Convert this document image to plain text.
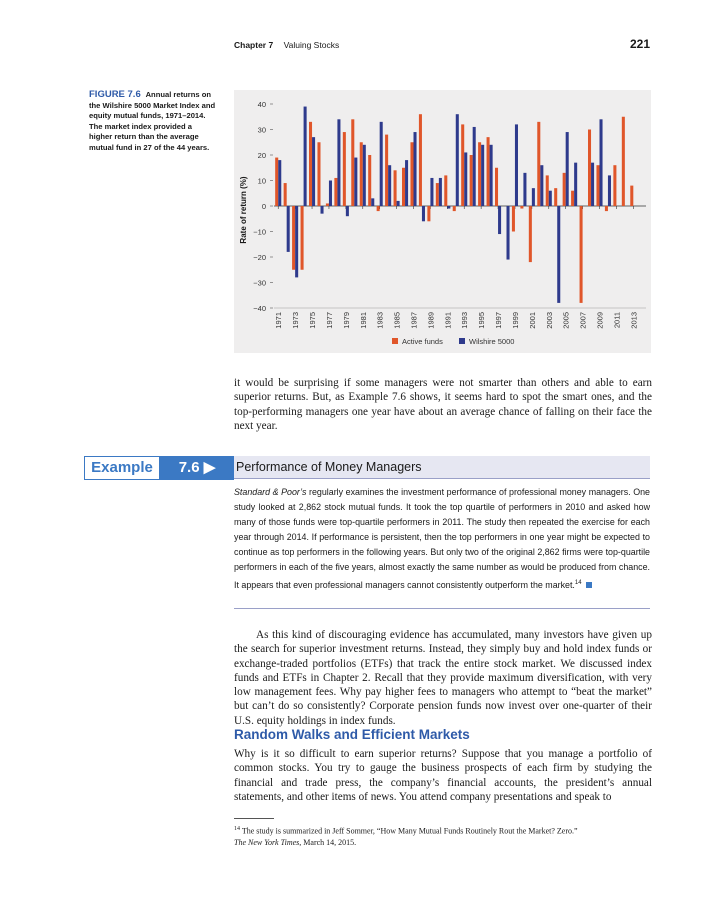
Chapter 7 Valuing Stocks	221
FIGURE 7.6 Annual returns on the Wilshire 5000 Market Index and equity mutual funds, 1971–2014. The market index provided a higher return than the average mutual fund in 27 of the 44 years.
40
30
20
10
0
−10
−20
−30
−40
1971 1973 1975 1977 1979 1981 1983 1985 1987 1989 1991 1993 1995 1997 1999 2001 2003 2005 2007 2009 2011 2013
Rate of return (%)
Active funds	Wilshire 5000

it would be surprising if some managers were not smarter than others and able to earn superior returns. But, as Example 7.6 shows, it seems hard to spot the smart ones, and the top-performing managers one year have about an average chance of falling on their face the next year.

Example	7.6 ▶	Performance of Money Managers

Standard & Poor’s regularly examines the investment performance of professional money managers. One study looked at 2,862 stock mutual funds. It took the top quartile of performers in 2010 and asked how many of those funds were top-quartile performers in 2011. The study then repeated the exercise for each year through 2014. If performance is persistent, then the top performers in one year might be expected to continue as top performers in the following years. But only two of the original 2,862 firms were top-quartile performers in each of the five years, almost exactly the same number as would be produced from chance. It appears that even professional managers cannot consistently outperform the market.$^{14}$

As this kind of discouraging evidence has accumulated, many investors have given up the search for superior investment returns. Instead, they simply buy and hold index funds or exchange-traded portfolios (ETFs) that track the entire stock market. We discussed index funds and ETFs in Chapter 2. Recall that they provide maximum diversification, with very low management fees. Why pay higher fees to managers who attempt to “beat the market” but can’t do so consistently? Corporate pension funds now invest over one-quarter of their U.S. equity holdings in index funds.

Random Walks and Efficient Markets

Why is it so difficult to earn superior returns? Suppose that you manage a portfolio of common stocks. You try to gauge the business prospects of each firm by studying the financial and trade press, the company’s financial accounts, the president’s annual statements, and other items of news. You attend company presentations and speak to

$^{14}$ The study is summarized in Jeff Sommer, “How Many Mutual Funds Routinely Rout the Market? Zero.”
The New York Times, March 14, 2015.
